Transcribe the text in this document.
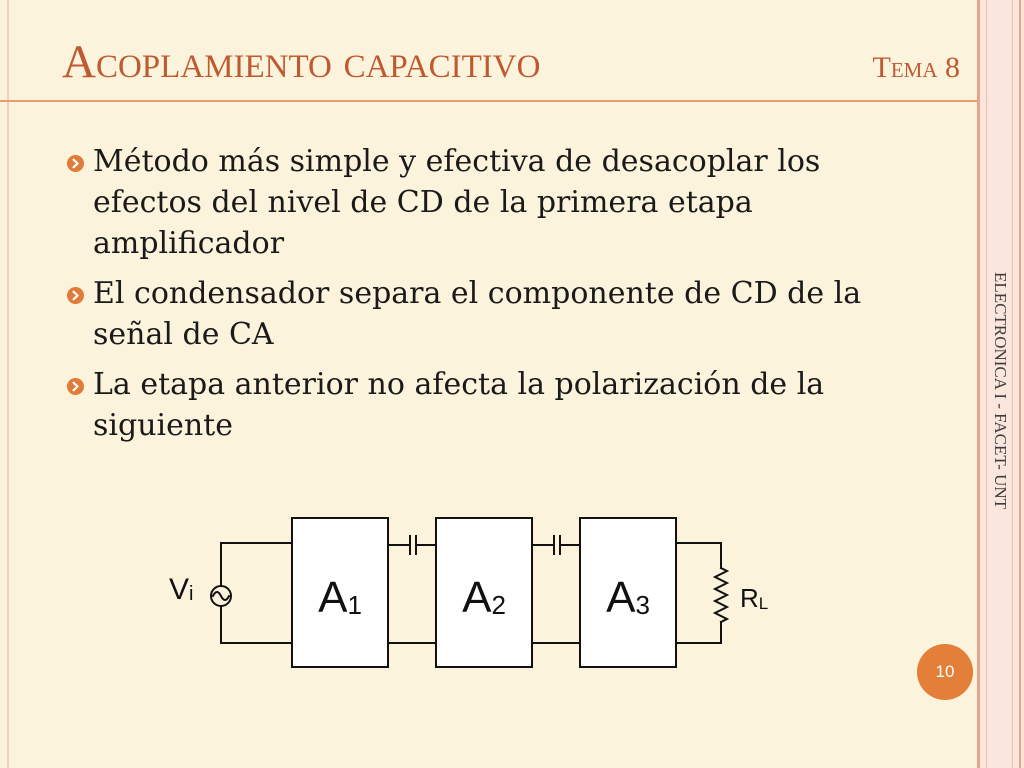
Acoplamiento capacitivo	Tema 8
Método más simple y efectiva de desacoplar los
efectos del nivel de CD de la primera etapa
amplificador
El condensador separa el componente de CD de la
señal de CA
La etapa anterior no afecta la polarización de la
siguiente
Vi	A1 A2 A3	RL
ELECTRONICA I - FACET- UNT
10
